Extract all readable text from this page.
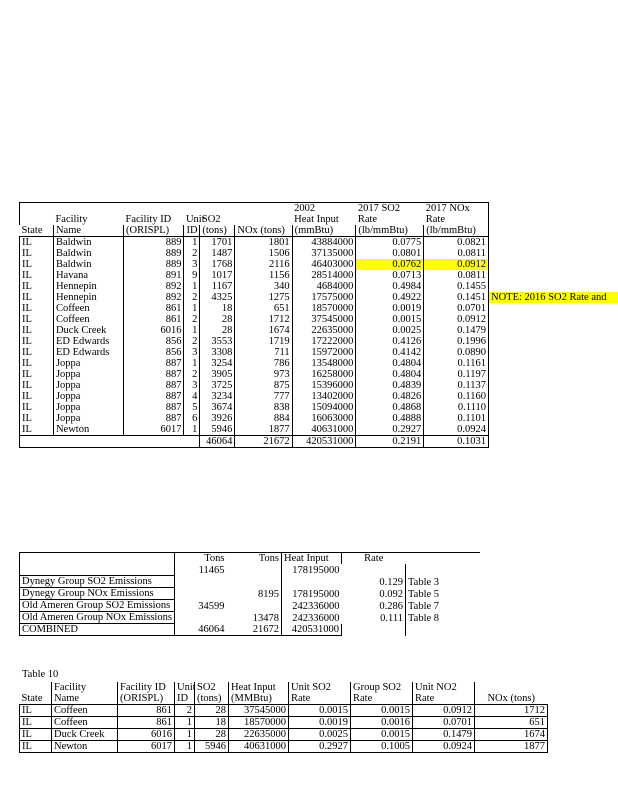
						2002	2017 SO2	2017 NOx
	Facility	Facility ID	Unit	SO2		Heat Input	Rate	Rate
State	Name	(ORISPL)	ID	(tons)	NOx (tons)	(mmBtu)	(lb/mmBtu)	(lb/mmBtu)
IL	Baldwin	889	1	1701	1801	43884000	0.0775	0.0821
IL	Baldwin	889	2	1487	1506	37135000	0.0801	0.0811
IL	Baldwin	889	3	1768	2116	46403000	0.0762	0.0912
IL	Havana	891	9	1017	1156	28514000	0.0713	0.0811
IL	Hennepin	892	1	1167	340	4684000	0.4984	0.1455
IL	Hennepin	892	2	4325	1275	17575000	0.4922	0.1451
IL	Coffeen	861	1	18	651	18570000	0.0019	0.0701
IL	Coffeen	861	2	28	1712	37545000	0.0015	0.0912
IL	Duck Creek	6016	1	28	1674	22635000	0.0025	0.1479
IL	ED Edwards	856	2	3553	1719	17222000	0.4126	0.1996
IL	ED Edwards	856	3	3308	711	15972000	0.4142	0.0890
IL	Joppa	887	1	3254	786	13548000	0.4804	0.1161
IL	Joppa	887	2	3905	973	16258000	0.4804	0.1197
IL	Joppa	887	3	3725	875	15396000	0.4839	0.1137
IL	Joppa	887	4	3234	777	13402000	0.4826	0.1160
IL	Joppa	887	5	3674	838	15094000	0.4868	0.1110
IL	Joppa	887	6	3926	884	16063000	0.4888	0.1101
IL	Newton	6017	1	5946	1877	40631000	0.2927	0.0924
				46064	21672	420531000	0.2191	0.1031
NOTE: 2016 SO2 Rate and
	Tons	Tons	Heat Input	Rate	
	11465		178195000		
Dynegy Group SO2 Emissions				0.129	Table 3
Dynegy Group NOx Emissions		8195	178195000	0.092	Table 5
Old Ameren Group SO2 Emissions	34599		242336000	0.286	Table 7
Old Ameren Group NOx Emissions		13478	242336000	0.111	Table 8
COMBINED	46064	21672	420531000		
Table 10
	Facility	Facility ID	Unit	SO2	Heat Input	Unit SO2	Group SO2	Unit NO2	
State	Name	(ORISPL)	ID	(tons)	(MMBtu)	Rate	Rate	Rate	NOx (tons)
IL	Coffeen	861	2	28	37545000	0.0015	0.0015	0.0912	1712
IL	Coffeen	861	1	18	18570000	0.0019	0.0016	0.0701	651
IL	Duck Creek	6016	1	28	22635000	0.0025	0.0015	0.1479	1674
IL	Newton	6017	1	5946	40631000	0.2927	0.1005	0.0924	1877
